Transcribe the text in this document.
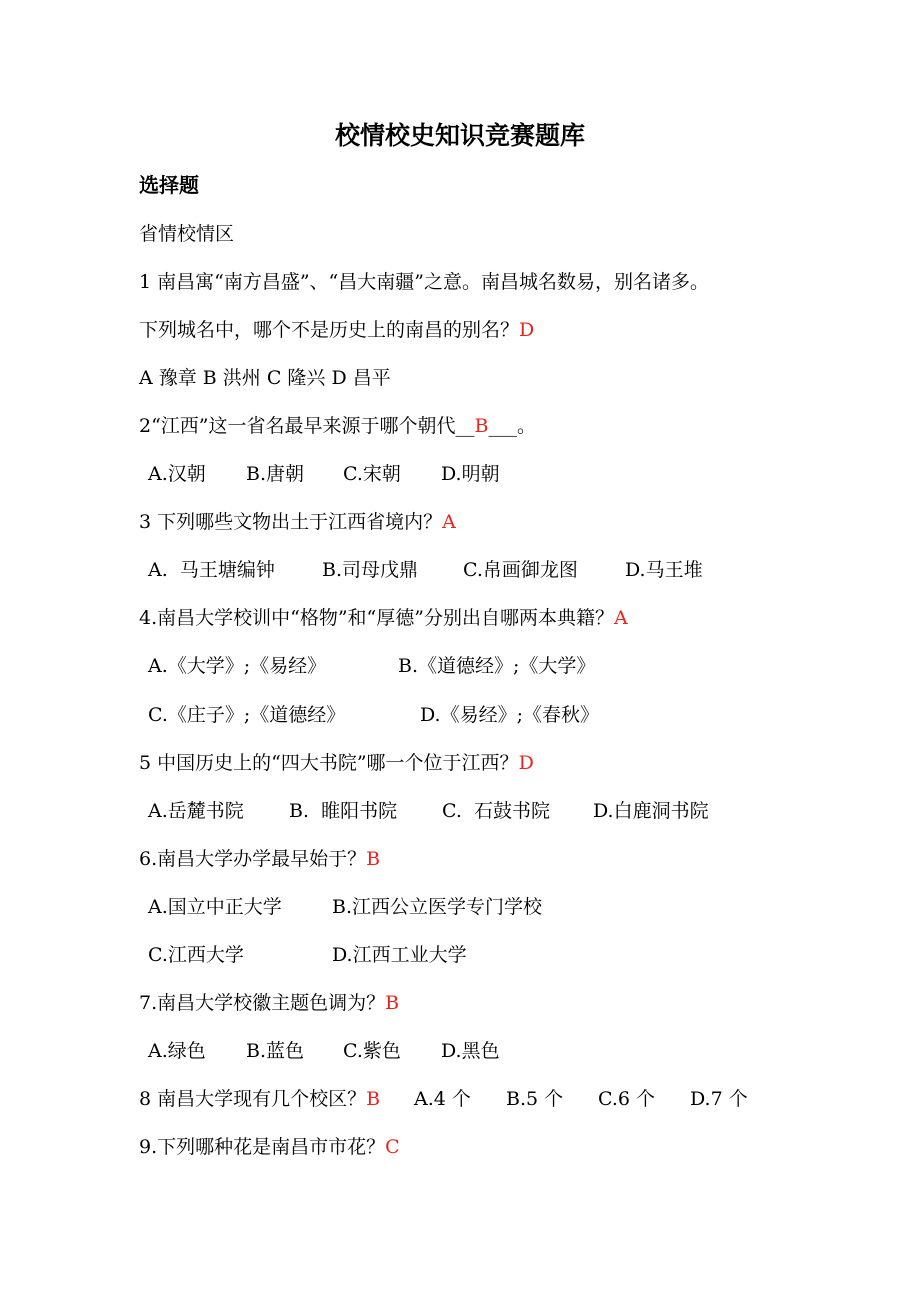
校情校史知识竞赛题库
选择题
省情校情区
1 南昌寓“南方昌盛”、“昌大南疆”之意。南昌城名数易，别名诸多。
下列城名中，哪个不是历史上的南昌的别名？D
A 豫章 B 洪州 C 隆兴 D 昌平
2“江西”这一省名最早来源于哪个朝代__B___。
A.汉朝 B.唐朝 C.宋朝 D.明朝
3 下列哪些文物出土于江西省境内？A
A.  马王塘编钟 B.司母戊鼎 C.帛画御龙图 D.马王堆
4.南昌大学校训中“格物”和“厚德”分别出自哪两本典籍？A
A.《大学》;《易经》	B.《道德经》;《大学》
C.《庄子》;《道德经》	D.《易经》;《春秋》
5 中国历史上的“四大书院”哪一个位于江西？D
A.岳麓书院 B.  睢阳书院 C.  石鼓书院 D.白鹿洞书院
6.南昌大学办学最早始于？B
A.国立中正大学	B.江西公立医学专门学校
C.江西大学	D.江西工业大学
7.南昌大学校徽主题色调为？B
A.绿色 B.蓝色 C.紫色 D.黑色
8 南昌大学现有几个校区？B A.4 个 B.5 个 C.6 个 D.7 个
9.下列哪种花是南昌市市花？C
